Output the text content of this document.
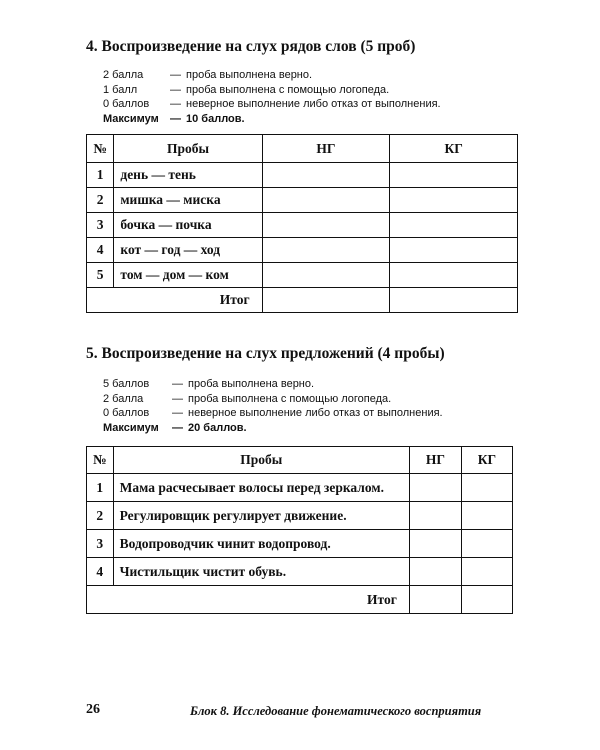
4. Воспроизведение на слух рядов слов (5 проб)
2 балла	— проба выполнена верно.
1 балл	— проба выполнена с помощью логопеда.
0 баллов	— неверное выполнение либо отказ от выполнения.
Максимум	— 10 баллов.
№	Пробы	НГ	КГ
1	день — тень		
2	мишка — миска		
3	бочка — почка		
4	кот — год — ход		
5	том — дом — ком		
Итог			
5. Воспроизведение на слух предложений (4 пробы)
5 баллов	— проба выполнена верно.
2 балла	— проба выполнена с помощью логопеда.
0 баллов	— неверное выполнение либо отказ от выполнения.
Максимум	— 20 баллов.
№	Пробы	НГ	КГ
1	Мама расчесывает волосы перед зеркалом.		
2	Регулировщик регулирует движение.		
3	Водопроводчик чинит водопровод.		
4	Чистильщик чистит обувь.		
Итог			
26	Блок 8. Исследование фонематического восприятия
